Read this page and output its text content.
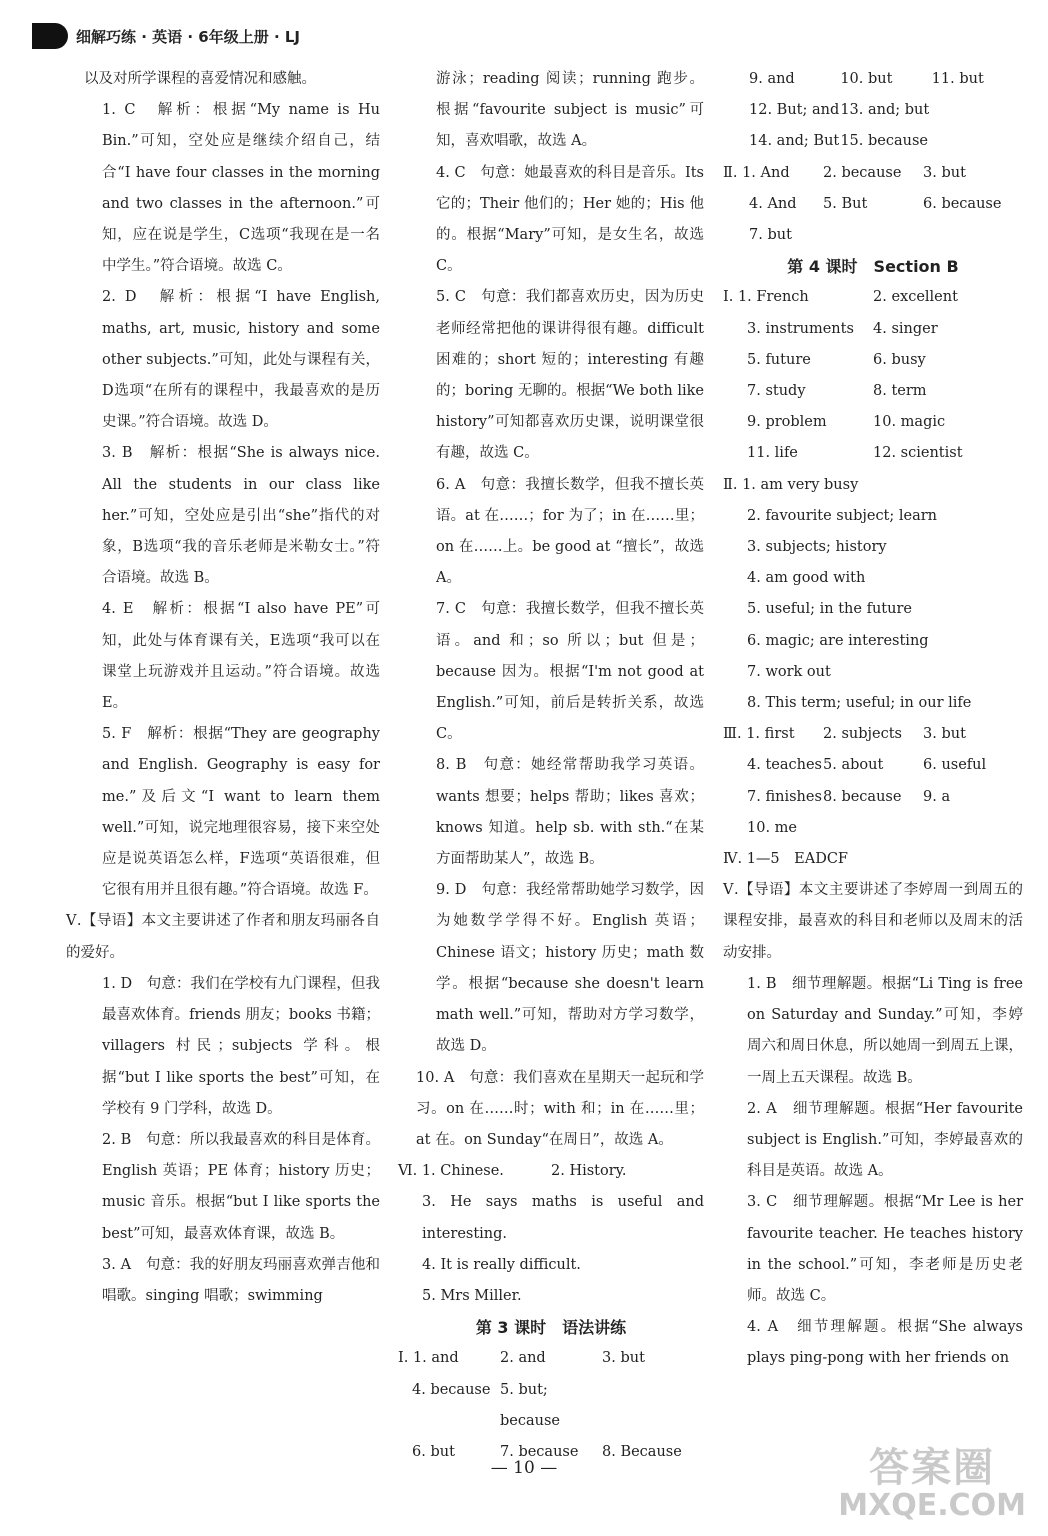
细解巧练 · 英语 · 6年级上册 · LJ

以及对所学课程的喜爱情况和感触。

1. C　解析：根据“My name is Hu Bin.”可知，空处应是继续介绍自己，结合“I have four classes in the morning and two classes in the afternoon.”可知，应在说是学生，C选项“我现在是一名中学生。”符合语境。故选 C。

2. D　解析：根据“I have English, maths, art, music, history and some other subjects.”可知，此处与课程有关，D选项“在所有的课程中，我最喜欢的是历史课。”符合语境。故选 D。

3. B　解析：根据“She is always nice. All the students in our class like her.”可知，空处应是引出“she”指代的对象，B选项“我的音乐老师是米勒女士。”符合语境。故选 B。

4. E　解析：根据“I also have PE”可知，此处与体育课有关，E选项“我可以在课堂上玩游戏并且运动。”符合语境。故选 E。

5. F　解析：根据“They are geography and English. Geography is easy for me.”及后文“I want to learn them well.”可知，说完地理很容易，接下来空处应是说英语怎么样，F选项“英语很难，但它很有用并且很有趣。”符合语境。故选 F。

Ⅴ.【导语】本文主要讲述了作者和朋友玛丽各自的爱好。

1. D　句意：我们在学校有九门课程，但我最喜欢体育。friends 朋友；books 书籍；villagers 村民；subjects 学科。根据“but I like sports the best”可知，在学校有 9 门学科，故选 D。

2. B　句意：所以我最喜欢的科目是体育。English 英语；PE 体育；history 历史；music 音乐。根据“but I like sports the best”可知，最喜欢体育课，故选 B。

3. A　句意：我的好朋友玛丽喜欢弹吉他和唱歌。singing 唱歌；swimming

游泳；reading 阅读；running 跑步。根据“favourite subject is music”可知，喜欢唱歌，故选 A。

4. C　句意：她最喜欢的科目是音乐。Its 它的；Their 他们的；Her 她的；His 他的。根据“Mary”可知，是女生名，故选 C。

5. C　句意：我们都喜欢历史，因为历史老师经常把他的课讲得很有趣。difficult 困难的；short 短的；interesting 有趣的；boring 无聊的。根据“We both like history”可知都喜欢历史课，说明课堂很有趣，故选 C。

6. A　句意：我擅长数学，但我不擅长英语。at 在……；for 为了；in 在……里；on 在……上。be good at “擅长”，故选 A。

7. C　句意：我擅长数学，但我不擅长英语。and 和；so 所以；but 但是；because 因为。根据“I'm not good at English.”可知，前后是转折关系，故选 C。

8. B　句意：她经常帮助我学习英语。wants 想要；helps 帮助；likes 喜欢；knows 知道。help sb. with sth.“在某方面帮助某人”，故选 B。

9. D　句意：我经常帮助她学习数学，因为她数学学得不好。English 英语；Chinese 语文；history 历史；math 数学。根据“because she doesn't learn math well.”可知，帮助对方学习数学，故选 D。

10. A　句意：我们喜欢在星期天一起玩和学习。on 在……时；with 和；in 在……里；at 在。on Sunday“在周日”，故选 A。

Ⅵ. 1. Chinese.	2. History.

3. He says maths is useful and interesting.

4. It is really difficult.

5. Mrs Miller.

第 3 课时　语法讲练

Ⅰ. 1. and	2. and	3. but
4. because 5. but; because
6. but	7. because	8. Because
9. and	10. but	11. but
12. But; and 13. and; but
14. and; But 15. because
Ⅱ. 1. And	2. because	3. but
4. And	5. But	6. because
7. but

第 4 课时　Section B

Ⅰ. 1. French	2. excellent
3. instruments	4. singer
5. future	6. busy
7. study	8. term
9. problem	10. magic
11. life	12. scientist

Ⅱ. 1. am very busy

2. favourite subject; learn

3. subjects; history

4. am good with

5. useful; in the future

6. magic; are interesting

7. work out

8. This term; useful; in our life

Ⅲ. 1. first	2. subjects	3. but
4. teaches 5. about	6. useful
7. finishes 8. because	9. a
10. me

Ⅳ. 1—5　EADCF

Ⅴ.【导语】本文主要讲述了李婷周一到周五的课程安排，最喜欢的科目和老师以及周末的活动安排。

1. B　细节理解题。根据“Li Ting is free on Saturday and Sunday.”可知，李婷周六和周日休息，所以她周一到周五上课，一周上五天课程。故选 B。

2. A　细节理解题。根据“Her favourite subject is English.”可知，李婷最喜欢的科目是英语。故选 A。

3. C　细节理解题。根据“Mr Lee is her favourite teacher. He teaches history in the school.”可知，李老师是历史老师。故选 C。

4. A　细节理解题。根据“She always plays ping-pong with her friends on

— 10 —	答案圈
MXQE.COM
